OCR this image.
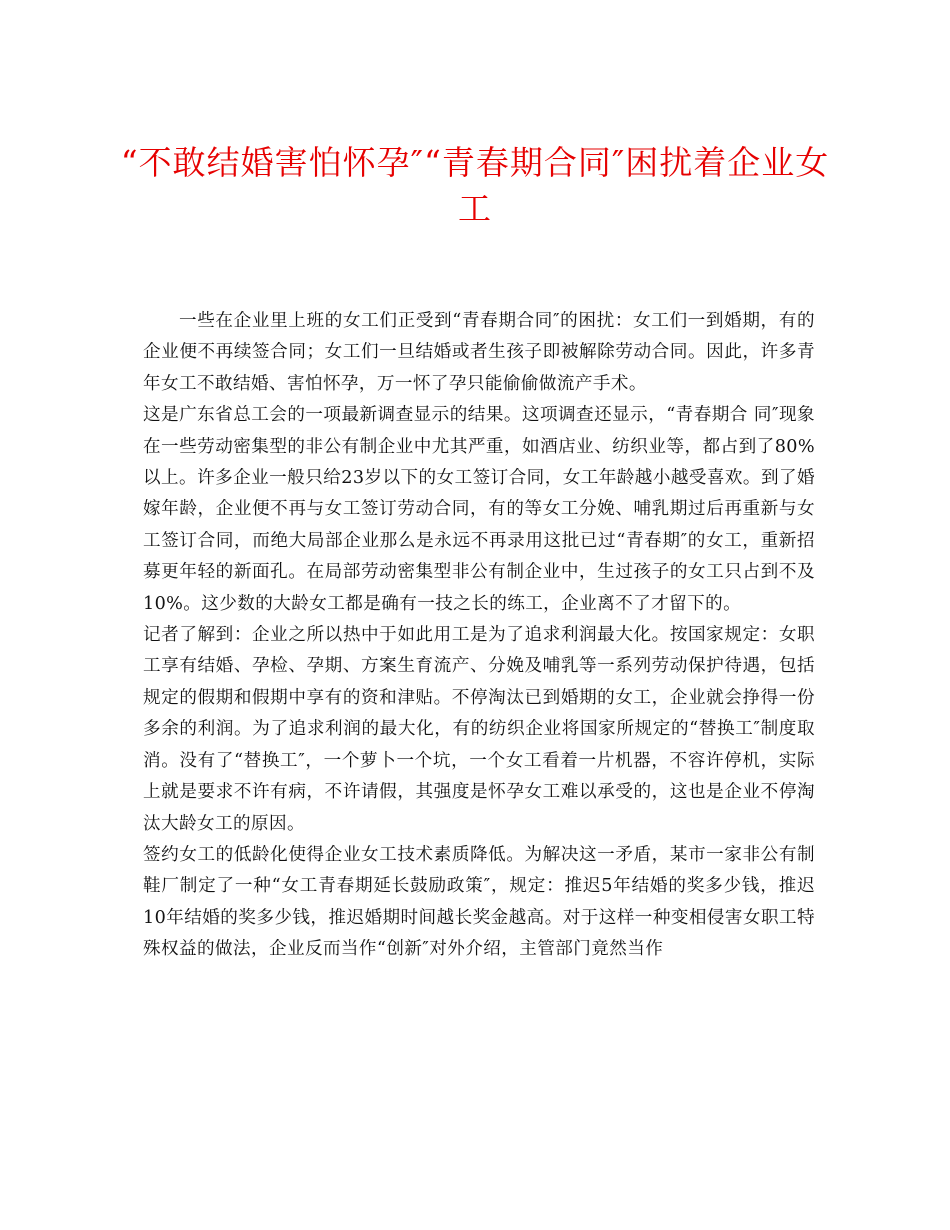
“不敢结婚害怕怀孕″“青春期合同″困扰着企业女工

一些在企业里上班的女工们正受到“青春期合同″的困扰：女工们一到婚期，有的企业便不再续签合同；女工们一旦结婚或者生孩子即被解除劳动合同。因此，许多青年女工不敢结婚、害怕怀孕，万一怀了孕只能偷偷做流产手术。

这是广东省总工会的一项最新调查显示的结果。这项调查还显示，“青春期合 同″现象在一些劳动密集型的非公有制企业中尤其严重，如酒店业、纺织业等，都占到了80%以上。许多企业一般只给23岁以下的女工签订合同，女工年龄越小越受喜欢。到了婚嫁年龄，企业便不再与女工签订劳动合同，有的等女工分娩、哺乳期过后再重新与女工签订合同，而绝大局部企业那么是永远不再录用这批已过“青春期″的女工，重新招募更年轻的新面孔。在局部劳动密集型非公有制企业中，生过孩子的女工只占到不及10%。这少数的大龄女工都是确有一技之长的练工，企业离不了才留下的。

记者了解到：企业之所以热中于如此用工是为了追求利润最大化。按国家规定：女职工享有结婚、孕检、孕期、方案生育流产、分娩及哺乳等一系列劳动保护待遇，包括规定的假期和假期中享有的资和津贴。不停淘汰已到婚期的女工，企业就会挣得一份多余的利润。为了追求利润的最大化，有的纺织企业将国家所规定的“替换工″制度取消。没有了“替换工″，一个萝卜一个坑，一个女工看着一片机器，不容许停机，实际上就是要求不许有病，不许请假，其强度是怀孕女工难以承受的，这也是企业不停淘汰大龄女工的原因。

签约女工的低龄化使得企业女工技术素质降低。为解决这一矛盾，某市一家非公有制鞋厂制定了一种“女工青春期延长鼓励政策″，规定：推迟5年结婚的奖多少钱，推迟10年结婚的奖多少钱，推迟婚期时间越长奖金越高。对于这样一种变相侵害女职工特殊权益的做法，企业反而当作“创新″对外介绍，主管部门竟然当作
